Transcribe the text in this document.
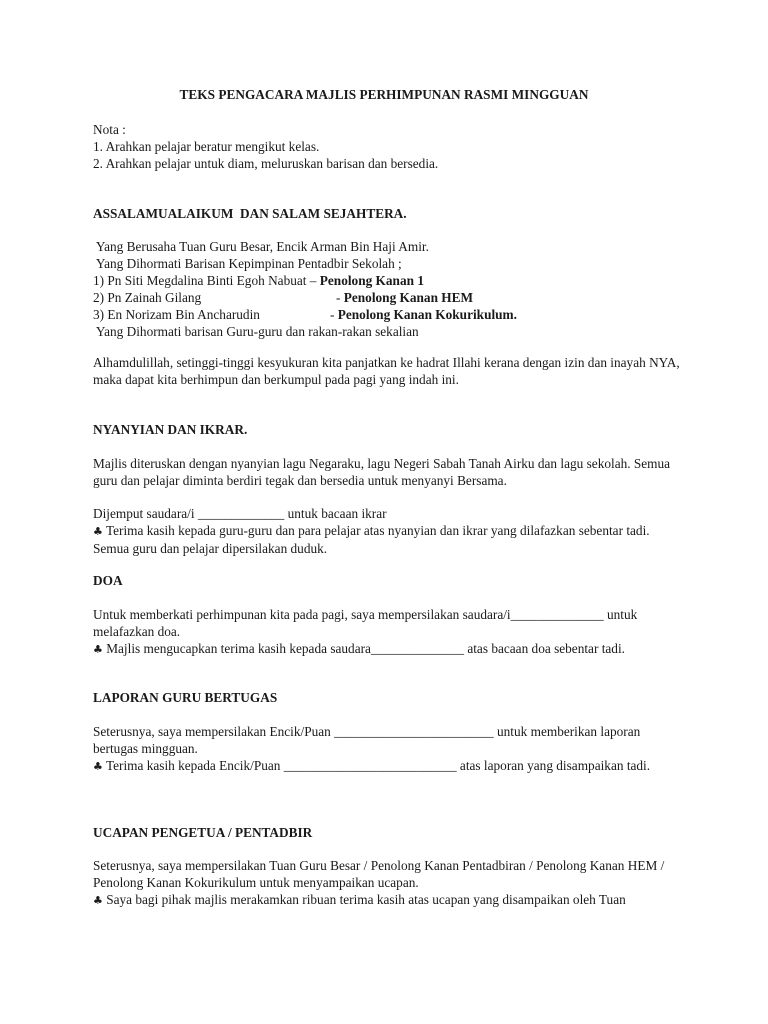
TEKS PENGACARA MAJLIS PERHIMPUNAN RASMI MINGGUAN

Nota :

1. Arahkan pelajar beratur mengikut kelas.

2. Arahkan pelajar untuk diam, meluruskan barisan dan bersedia.

ASSALAMUALAIKUM  DAN SALAM SEJAHTERA.

Yang Berusaha Tuan Guru Besar, Encik Arman Bin Haji Amir.

Yang Dihormati Barisan Kepimpinan Pentadbir Sekolah ;

1) Pn Siti Megdalina Binti Egoh Nabuat – Penolong Kanan 1

2) Pn Zainah Gilang	- Penolong Kanan HEM

3) En Norizam Bin Ancharudin	- Penolong Kanan Kokurikulum.

Yang Dihormati barisan Guru-guru dan rakan-rakan sekalian

Alhamdulillah, setinggi-tinggi kesyukuran kita panjatkan ke hadrat Illahi kerana dengan izin dan inayah NYA, maka dapat kita berhimpun dan berkumpul pada pagi yang indah ini.
NYANYIAN DAN IKRAR.
Majlis diteruskan dengan nyanyian lagu Negaraku, lagu Negeri Sabah Tanah Airku dan lagu sekolah. Semua guru dan pelajar diminta berdiri tegak dan bersedia untuk menyanyi Bersama.
Dijemput saudara/i _____________ untuk bacaan ikrar
♣ Terima kasih kepada guru-guru dan para pelajar atas nyanyian dan ikrar yang dilafazkan sebentar tadi. Semua guru dan pelajar dipersilakan duduk.
DOA
Untuk memberkati perhimpunan kita pada pagi, saya mempersilakan saudara/i______________ untuk melafazkan doa.
♣ Majlis mengucapkan terima kasih kepada saudara______________ atas bacaan doa sebentar tadi.
LAPORAN GURU BERTUGAS
Seterusnya, saya mempersilakan Encik/Puan ________________________ untuk memberikan laporan bertugas mingguan.
♣ Terima kasih kepada Encik/Puan __________________________ atas laporan yang disampaikan tadi.
UCAPAN PENGETUA / PENTADBIR
Seterusnya, saya mempersilakan Tuan Guru Besar / Penolong Kanan Pentadbiran / Penolong Kanan HEM / Penolong Kanan Kokurikulum untuk menyampaikan ucapan.
♣ Saya bagi pihak majlis merakamkan ribuan terima kasih atas ucapan yang disampaikan oleh Tuan
